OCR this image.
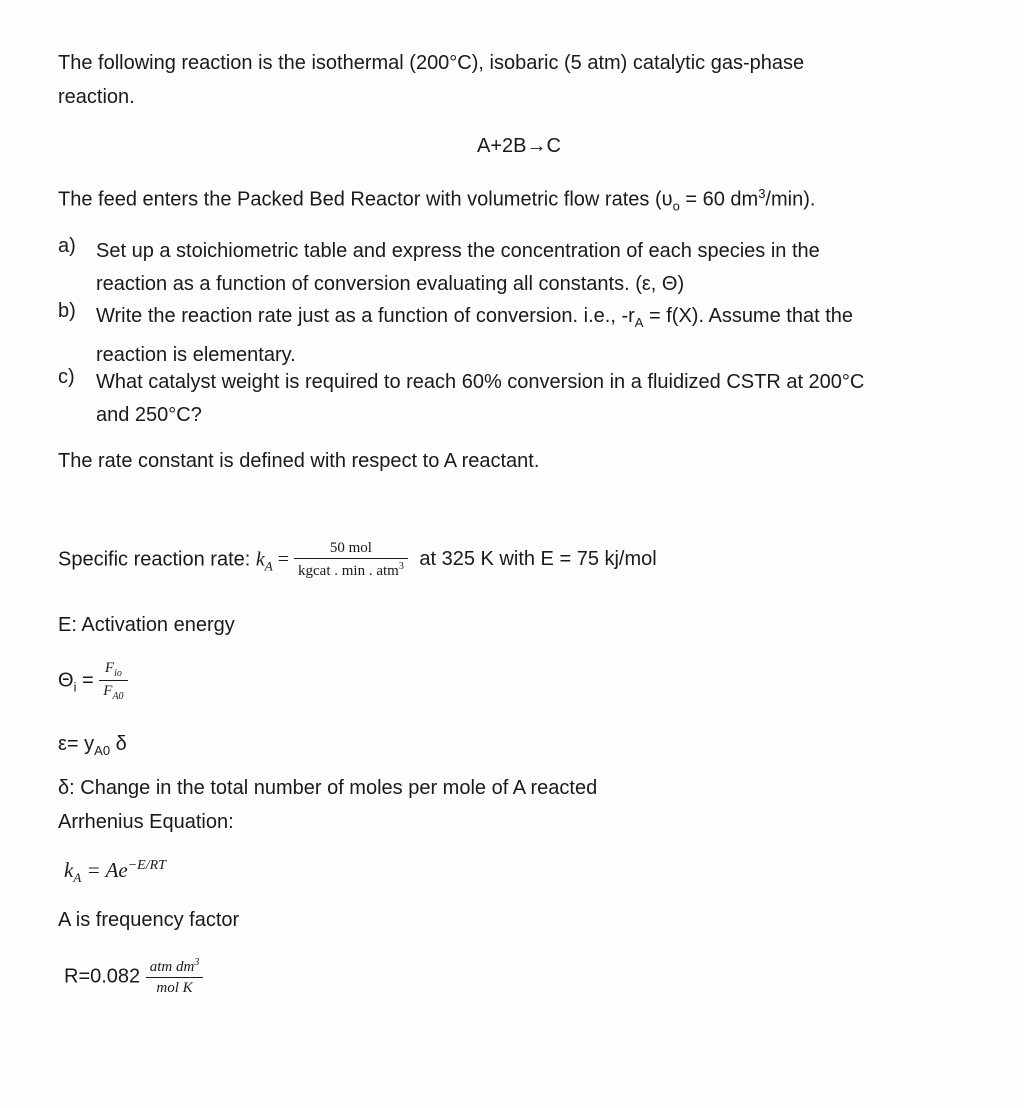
The following reaction is the isothermal (200°C), isobaric (5 atm) catalytic gas-phase
reaction.
A+2B→C
The feed enters the Packed Bed Reactor with volumetric flow rates ($\upsilon_o = 60$ $dm^3/\min$).
a) Set up a stoichiometric table and express the concentration of each species in the
reaction as a function of conversion evaluating all constants. (ε, Θ)
b) Write the reaction rate just as a function of conversion. i.e., $-r_A = f(X)$. Assume that the
reaction is elementary.
c) What catalyst weight is required to reach 60% conversion in a fluidized CSTR at 200°C
and 250°C?
The rate constant is defined with respect to A reactant.
Specific reaction rate: $k_A = \frac{\text{50 mol}}{kgcat . \min . atm^3}$ at 325 K with E = 75 kj/mol
E: Activation energy
$\Theta_i = \frac{F_{io}}{F_{A0}}$
$\varepsilon= y_{A0}$ δ
δ: Change in the total number of moles per mole of A reacted
Arrhenius Equation:
$k_A = Ae^{-E/RT}$
A is frequency factor
$R=0.082 \frac{atm dm^3}{\text{mol K}}$
